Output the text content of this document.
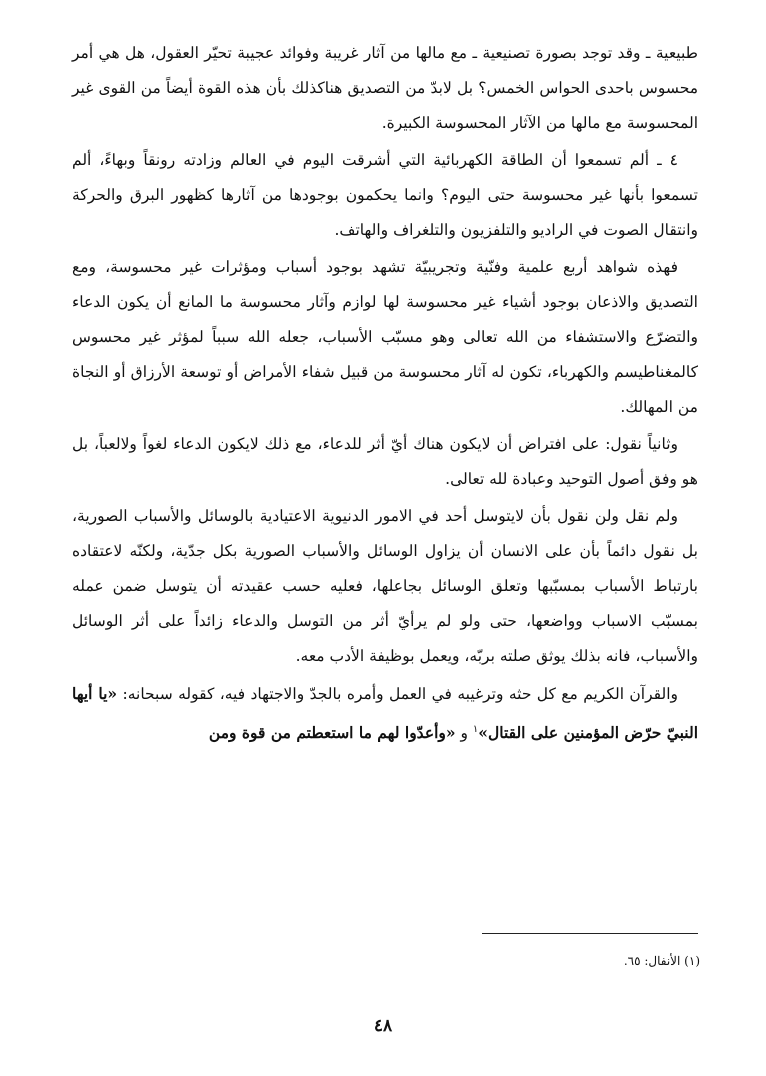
طبيعية ـ وقد توجد بصورة تصنيعية ـ مع مالها من آثار غريبة وفوائد عجيبة تحيّر العقول، هل هي أمر محسوس باحدى الحواس الخمس؟ بل لابدّ من التصديق هناكذلك بأن هذه القوة أيضاً من القوى غير المحسوسة مع مالها من الآثار المحسوسة الكبيرة.

٤ ـ ألم تسمعوا أن الطاقة الكهربائية التي أشرقت اليوم في العالم وزادته رونقاً وبهاءً، ألم تسمعوا بأنها غير محسوسة حتى اليوم؟ وانما يحكمون بوجودها من آثارها كظهور البرق والحركة وانتقال الصوت في الراديو والتلفزيون والتلغراف والهاتف.

فهذه شواهد أربع علمية وفنّية وتجريبيّة تشهد بوجود أسباب ومؤثرات غير محسوسة، ومع التصديق والاذعان بوجود أشياء غير محسوسة لها لوازم وآثار محسوسة ما المانع أن يكون الدعاء والتضرّع والاستشفاء من الله تعالى وهو مسبّب الأسباب، جعله الله سبباً لمؤثر غير محسوس كالمغناطيسم والكهرباء، تكون له آثار محسوسة من قبيل شفاء الأمراض أو توسعة الأرزاق أو النجاة من المهالك.

وثانياً نقول: على افتراض أن لايكون هناك أيّ أثر للدعاء، مع ذلك لايكون الدعاء لغواً ولالعباً، بل هو وفق أصول التوحيد وعبادة لله تعالى.

ولم نقل ولن نقول بأن لايتوسل أحد في الامور الدنيوية الاعتيادية بالوسائل والأسباب الصورية، بل نقول دائماً بأن على الانسان أن يزاول الوسائل والأسباب الصورية بكل جدّية، ولكنّه لاعتقاده بارتباط الأسباب بمسبّبها وتعلق الوسائل بجاعلها، فعليه حسب عقيدته أن يتوسل ضمن عمله بمسبّب الاسباب وواضعها، حتى ولو لم يرأيّ أثر من التوسل والدعاء زائداً على أثر الوسائل والأسباب، فانه بذلك يوثق صلته بربّه، ويعمل بوظيفة الأدب معه.

والقرآن الكريم مع كل حثه وترغيبه في العمل وأمره بالجدّ والاجتهاد فيه، كقوله سبحانه: «يا أيها النبيّ حرّض المؤمنين على القتال»$^١$ و «وأعدّوا لهم ما استعطتم من قوة ومن

(١) الأنفال: ٦٥.
٤٨
